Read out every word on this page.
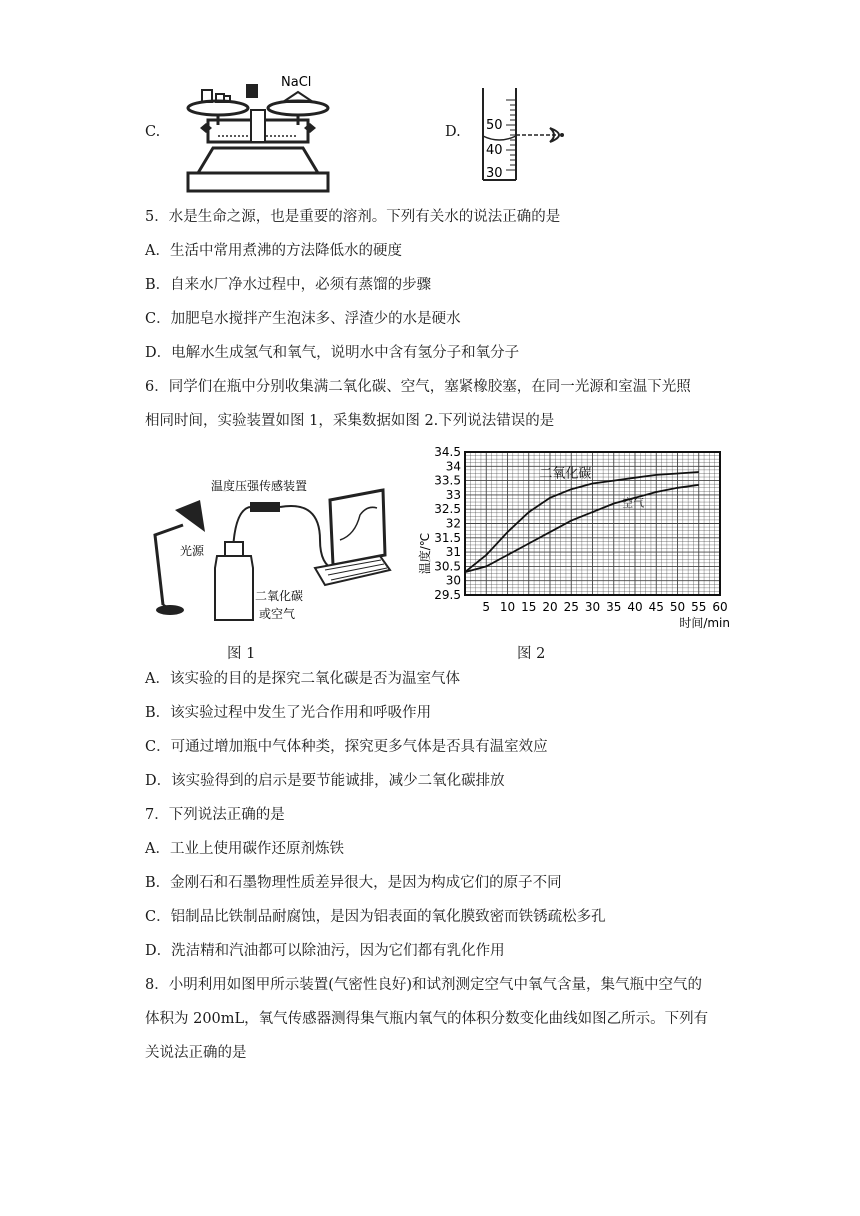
C.
NaCl
D. 50
40
30
5．水是生命之源，也是重要的溶剂。下列有关水的说法正确的是
A．生活中常用煮沸的方法降低水的硬度
B．自来水厂净水过程中，必须有蒸馏的步骤
C．加肥皂水搅拌产生泡沫多、浮渣少的水是硬水
D．电解水生成氢气和氧气，说明水中含有氢分子和氧分子
6．同学们在瓶中分别收集满二氧化碳、空气，塞紧橡胶塞，在同一光源和室温下光照
相同时间，实验装置如图 1，采集数据如图 2.下列说法错误的是
光源
温度压强传感装置
二氧化碳
或空气
图 1
29.5
30
30.5
31
31.5
32
32.5
33
33.5
34
34.5
5 10 15 20 25 30 35 40 45 50 55 60
时间/min
温度/℃
二氧化碳
空气
图 2
A．该实验的目的是探究二氧化碳是否为温室气体
B．该实验过程中发生了光合作用和呼吸作用
C．可通过增加瓶中气体种类，探究更多气体是否具有温室效应
D．该实验得到的启示是要节能诚排，减少二氧化碳排放
7．下列说法正确的是
A．工业上使用碳作还原剂炼铁
B．金刚石和石墨物理性质差异很大，是因为构成它们的原子不同
C．铝制品比铁制品耐腐蚀，是因为铝表面的氧化膜致密而铁锈疏松多孔
D．洗洁精和汽油都可以除油污，因为它们都有乳化作用
8．小明利用如图甲所示装置(气密性良好)和试剂测定空气中氧气含量，集气瓶中空气的
体积为 200mL，氧气传感器测得集气瓶内氧气的体积分数变化曲线如图乙所示。下列有
关说法正确的是
